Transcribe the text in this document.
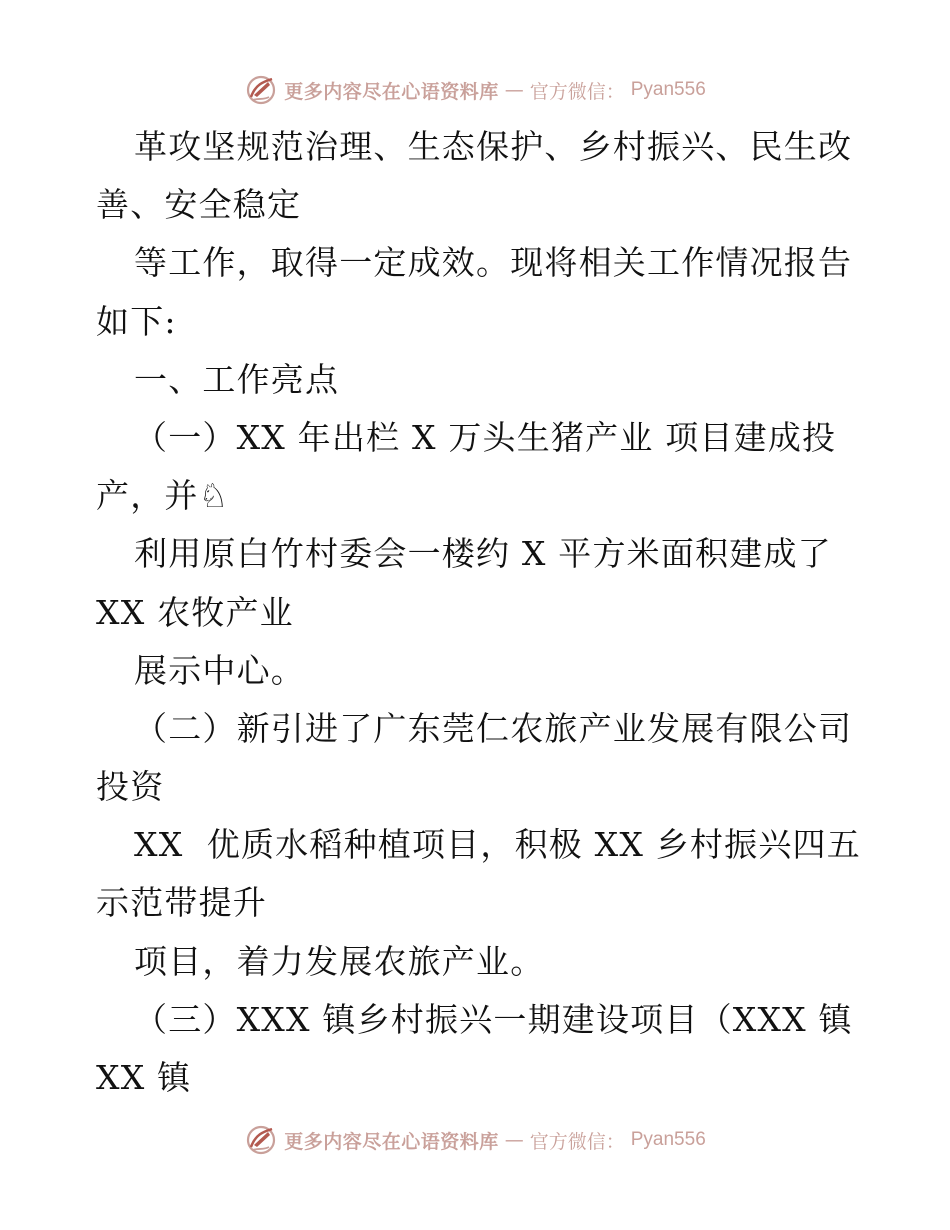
更多内容尽在心语资料库 — 官方微信： Pyan556
革攻坚规范治理、生态保护、乡村振兴、民生改
善、安全稳定
等工作，取得一定成效。现将相关工作情况报告
如下:
一、工作亮点
（一）XX 年出栏 X 万头生猪产业 项目建成投
产，并♘
利用原白竹村委会一楼约 X 平方米面积建成了
XX 农牧产业
展示中心。
（二）新引进了广东莞仁农旅产业发展有限公司
投资
XX  优质水稻种植项目，积极 XX 乡村振兴四五
示范带提升
项目，着力发展农旅产业。
（三）XXX 镇乡村振兴一期建设项目（XXX 镇
XX 镇
更多内容尽在心语资料库 — 官方微信： Pyan556
